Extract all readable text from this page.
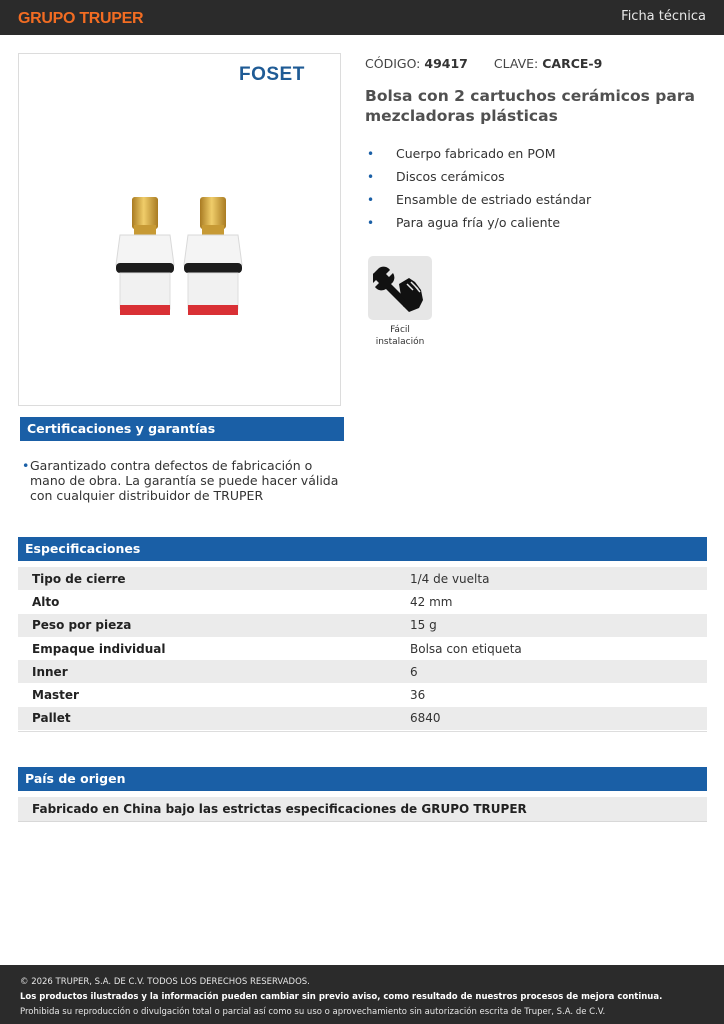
GRUPO TRUPER	Ficha técnica
FOSET
CÓDIGO: 49417 CLAVE: CARCE-9
Bolsa con 2 cartuchos cerámicos para mezcladoras plásticas
• Cuerpo fabricado en POM
• Discos cerámicos
• Ensamble de estriado estándar
• Para agua fría y/o caliente
Fácil
instalación
Certificaciones y garantías
• Garantizado contra defectos de fabricación o mano de obra. La garantía se puede hacer válida con cualquier distribuidor de TRUPER
Especificaciones
Tipo de cierre	1/4 de vuelta
Alto	42 mm
Peso por pieza	15 g
Empaque individual	Bolsa con etiqueta
Inner	6
Master	36
Pallet	6840
País de origen
Fabricado en China bajo las estrictas especificaciones de GRUPO TRUPER
© 2026 TRUPER, S.A. DE C.V. TODOS LOS DERECHOS RESERVADOS.
Los productos ilustrados y la información pueden cambiar sin previo aviso, como resultado de nuestros procesos de mejora continua.
Prohibida su reproducción o divulgación total o parcial así como su uso o aprovechamiento sin autorización escrita de Truper, S.A. de C.V.
